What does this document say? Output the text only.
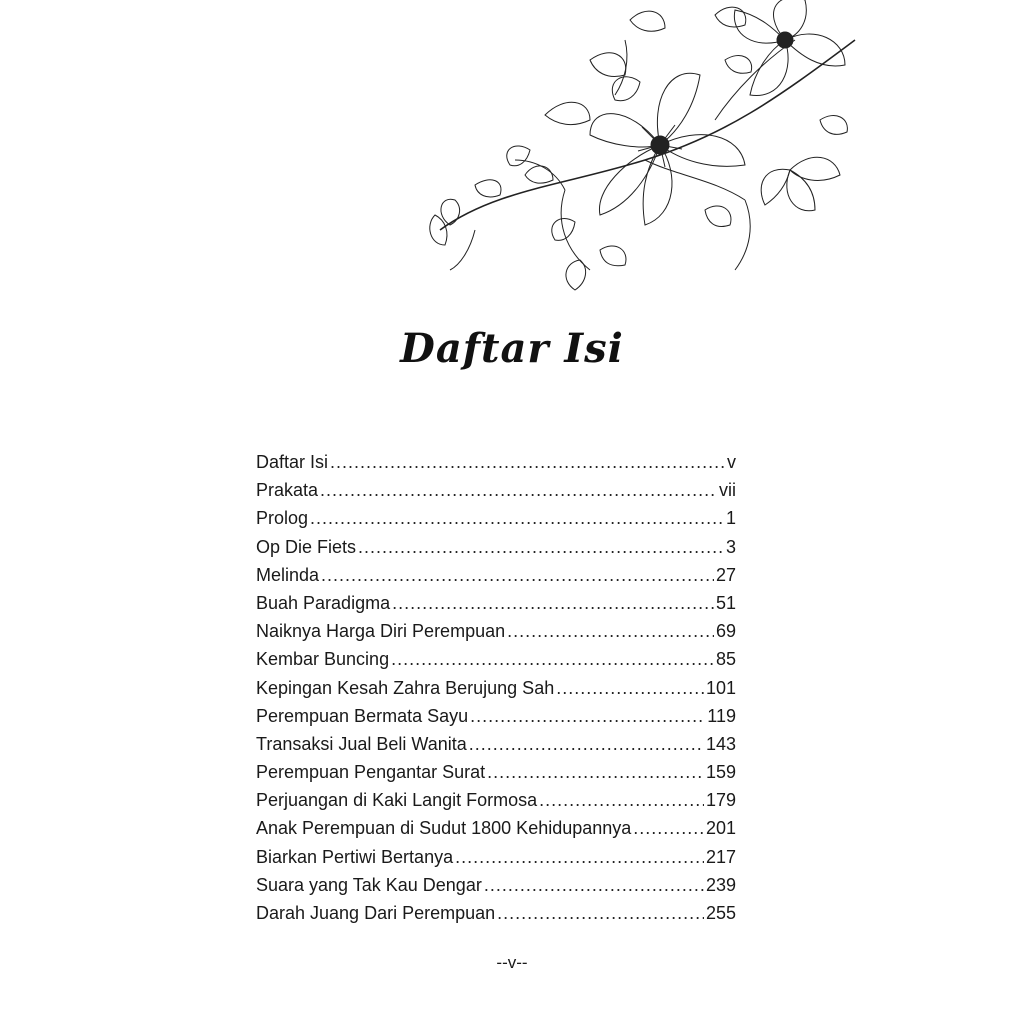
Daftar Isi
Daftar Isi .....	v
Prakata .....	vii
Prolog .....	1
Op Die Fiets .....	3
Melinda .....	27
Buah Paradigma .....	51
Naiknya Harga Diri Perempuan .....	69
Kembar Buncing .....	85
Kepingan Kesah Zahra Berujung Sah .....	101
Perempuan Bermata Sayu .....	119
Transaksi Jual Beli Wanita .....	143
Perempuan Pengantar Surat .....	159
Perjuangan di Kaki Langit Formosa .....	179
Anak Perempuan di Sudut 1800 Kehidupannya .....	201
Biarkan Pertiwi Bertanya .....	217
Suara yang Tak Kau Dengar .....	239
Darah Juang Dari Perempuan .....	255
--v--
